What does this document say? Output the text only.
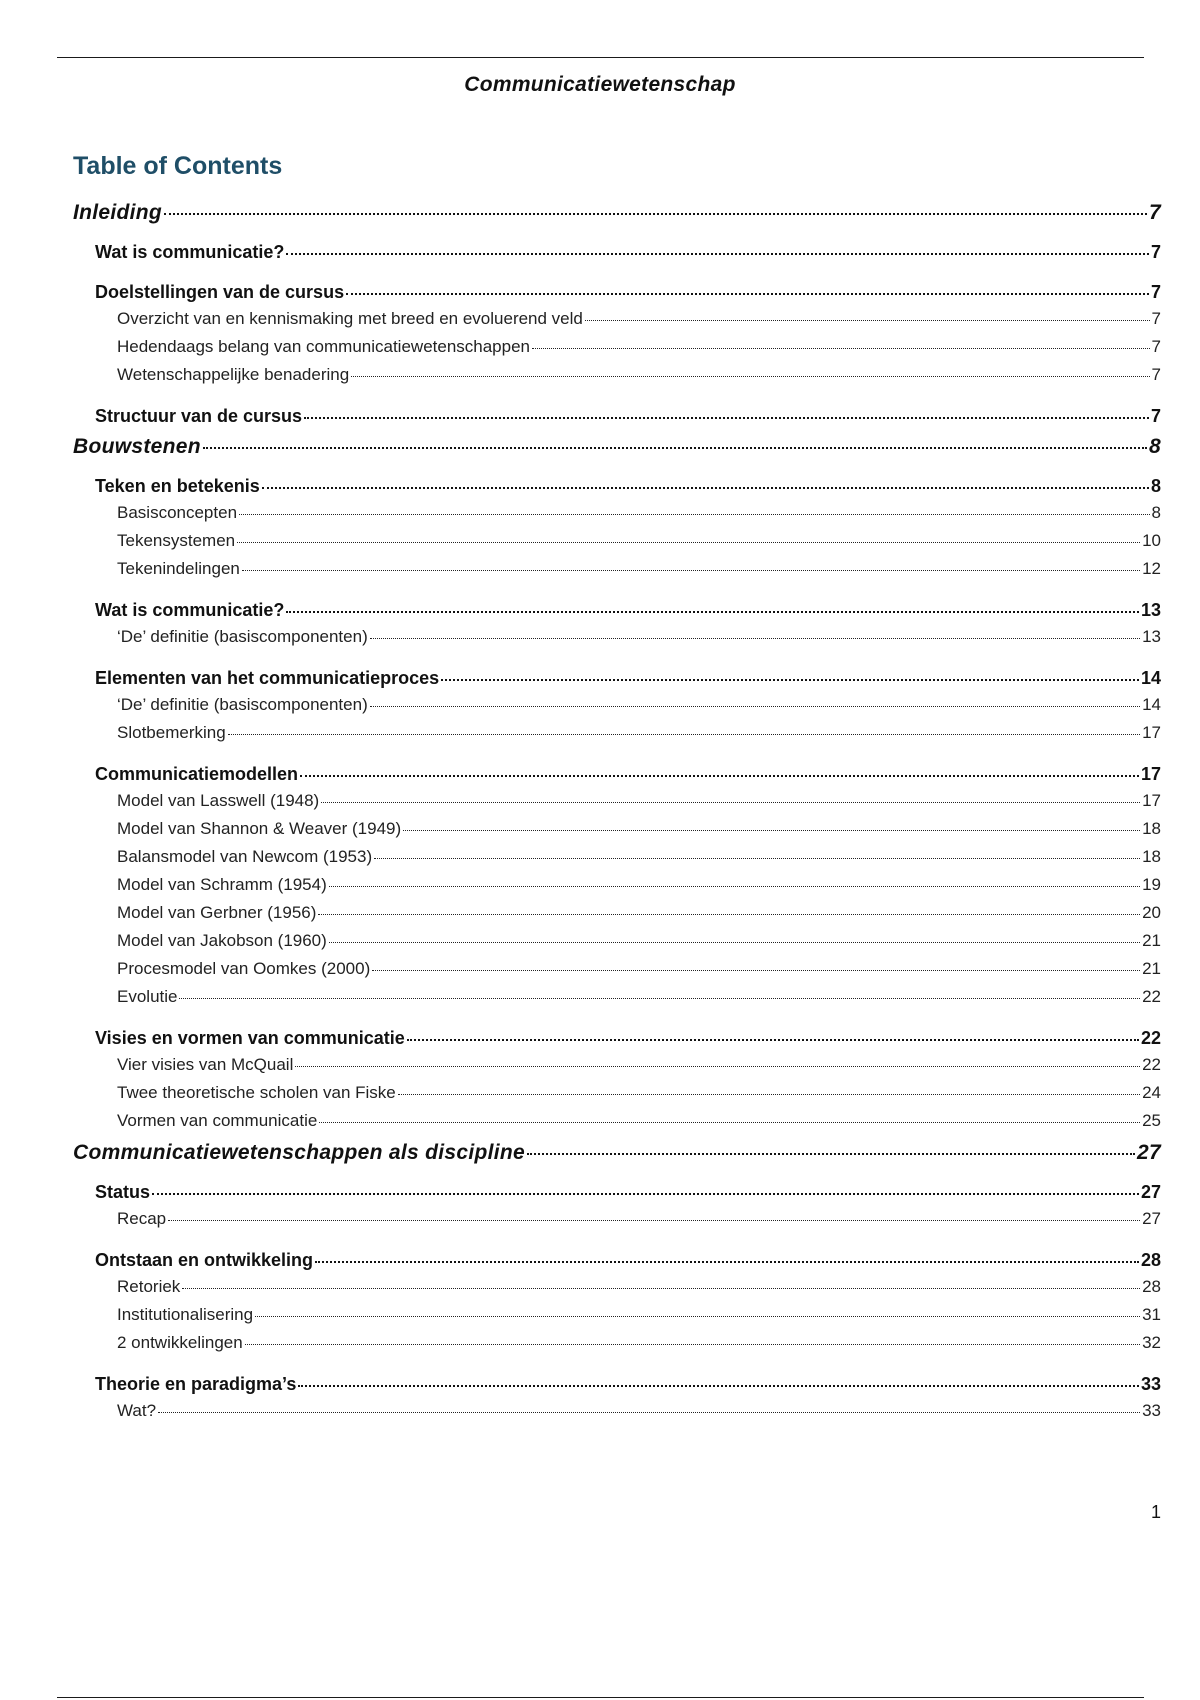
Communicatiewetenschap
Table of Contents
Inleiding	7
Wat is communicatie?	7
Doelstellingen van de cursus	7
Overzicht van en kennismaking met breed en evoluerend veld	7
Hedendaags belang van communicatiewetenschappen	7
Wetenschappelijke benadering	7
Structuur van de cursus	7
Bouwstenen	8
Teken en betekenis	8
Basisconcepten	8
Tekensystemen	10
Tekenindelingen	12
Wat is communicatie?	13
‘De’ definitie (basiscomponenten)	13
Elementen van het communicatieproces	14
‘De’ definitie (basiscomponenten)	14
Slotbemerking	17
Communicatiemodellen	17
Model van Lasswell (1948)	17
Model van Shannon & Weaver (1949)	18
Balansmodel van Newcom (1953)	18
Model van Schramm (1954)	19
Model van Gerbner (1956)	20
Model van Jakobson (1960)	21
Procesmodel van Oomkes (2000)	21
Evolutie	22
Visies en vormen van communicatie	22
Vier visies van McQuail	22
Twee theoretische scholen van Fiske	24
Vormen van communicatie	25
Communicatiewetenschappen als discipline	27
Status	27
Recap	27
Ontstaan en ontwikkeling	28
Retoriek	28
Institutionalisering	31
2 ontwikkelingen	32
Theorie en paradigma’s	33
Wat?	33
1
